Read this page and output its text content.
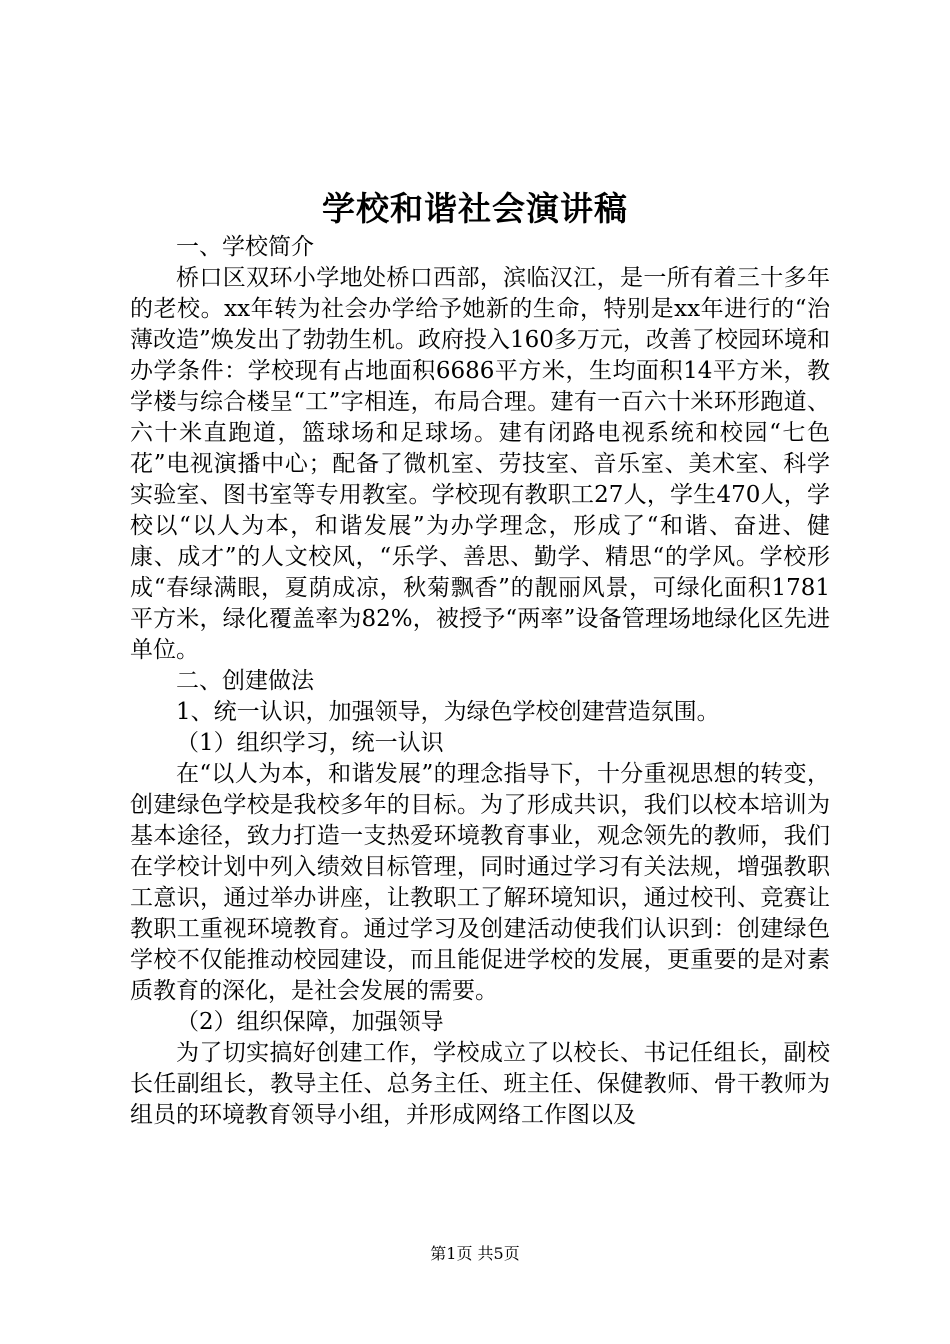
学校和谐社会演讲稿

一、学校简介

桥口区双环小学地处桥口西部，滨临汉江，是一所有着三十多年的老校。xx年转为社会办学给予她新的生命，特别是xx年进行的“治薄改造”焕发出了勃勃生机。政府投入160多万元，改善了校园环境和办学条件：学校现有占地面积6686平方米，生均面积14平方米，教学楼与综合楼呈“工”字相连，布局合理。建有一百六十米环形跑道、六十米直跑道，篮球场和足球场。建有闭路电视系统和校园“七色花”电视演播中心；配备了微机室、劳技室、音乐室、美术室、科学实验室、图书室等专用教室。学校现有教职工27人，学生470人，学校以“以人为本，和谐发展”为办学理念，形成了“和谐、奋进、健康、成才”的人文校风，“乐学、善思、勤学、精思“的学风。学校形成“春绿满眼，夏荫成凉，秋菊飘香”的靓丽风景，可绿化面积1781平方米，绿化覆盖率为82%，被授予“两率”设备管理场地绿化区先进单位。

二、创建做法

1、统一认识，加强领导，为绿色学校创建营造氛围。

（1）组织学习，统一认识

在“以人为本，和谐发展”的理念指导下，十分重视思想的转变，创建绿色学校是我校多年的目标。为了形成共识，我们以校本培训为基本途径，致力打造一支热爱环境教育事业，观念领先的教师，我们在学校计划中列入绩效目标管理，同时通过学习有关法规，增强教职工意识，通过举办讲座，让教职工了解环境知识，通过校刊、竞赛让教职工重视环境教育。通过学习及创建活动使我们认识到：创建绿色学校不仅能推动校园建设，而且能促进学校的发展，更重要的是对素质教育的深化，是社会发展的需要。

（2）组织保障，加强领导

为了切实搞好创建工作，学校成立了以校长、书记任组长，副校长任副组长，教导主任、总务主任、班主任、保健教师、骨干教师为组员的环境教育领导小组，并形成网络工作图以及

第1页 共5页
